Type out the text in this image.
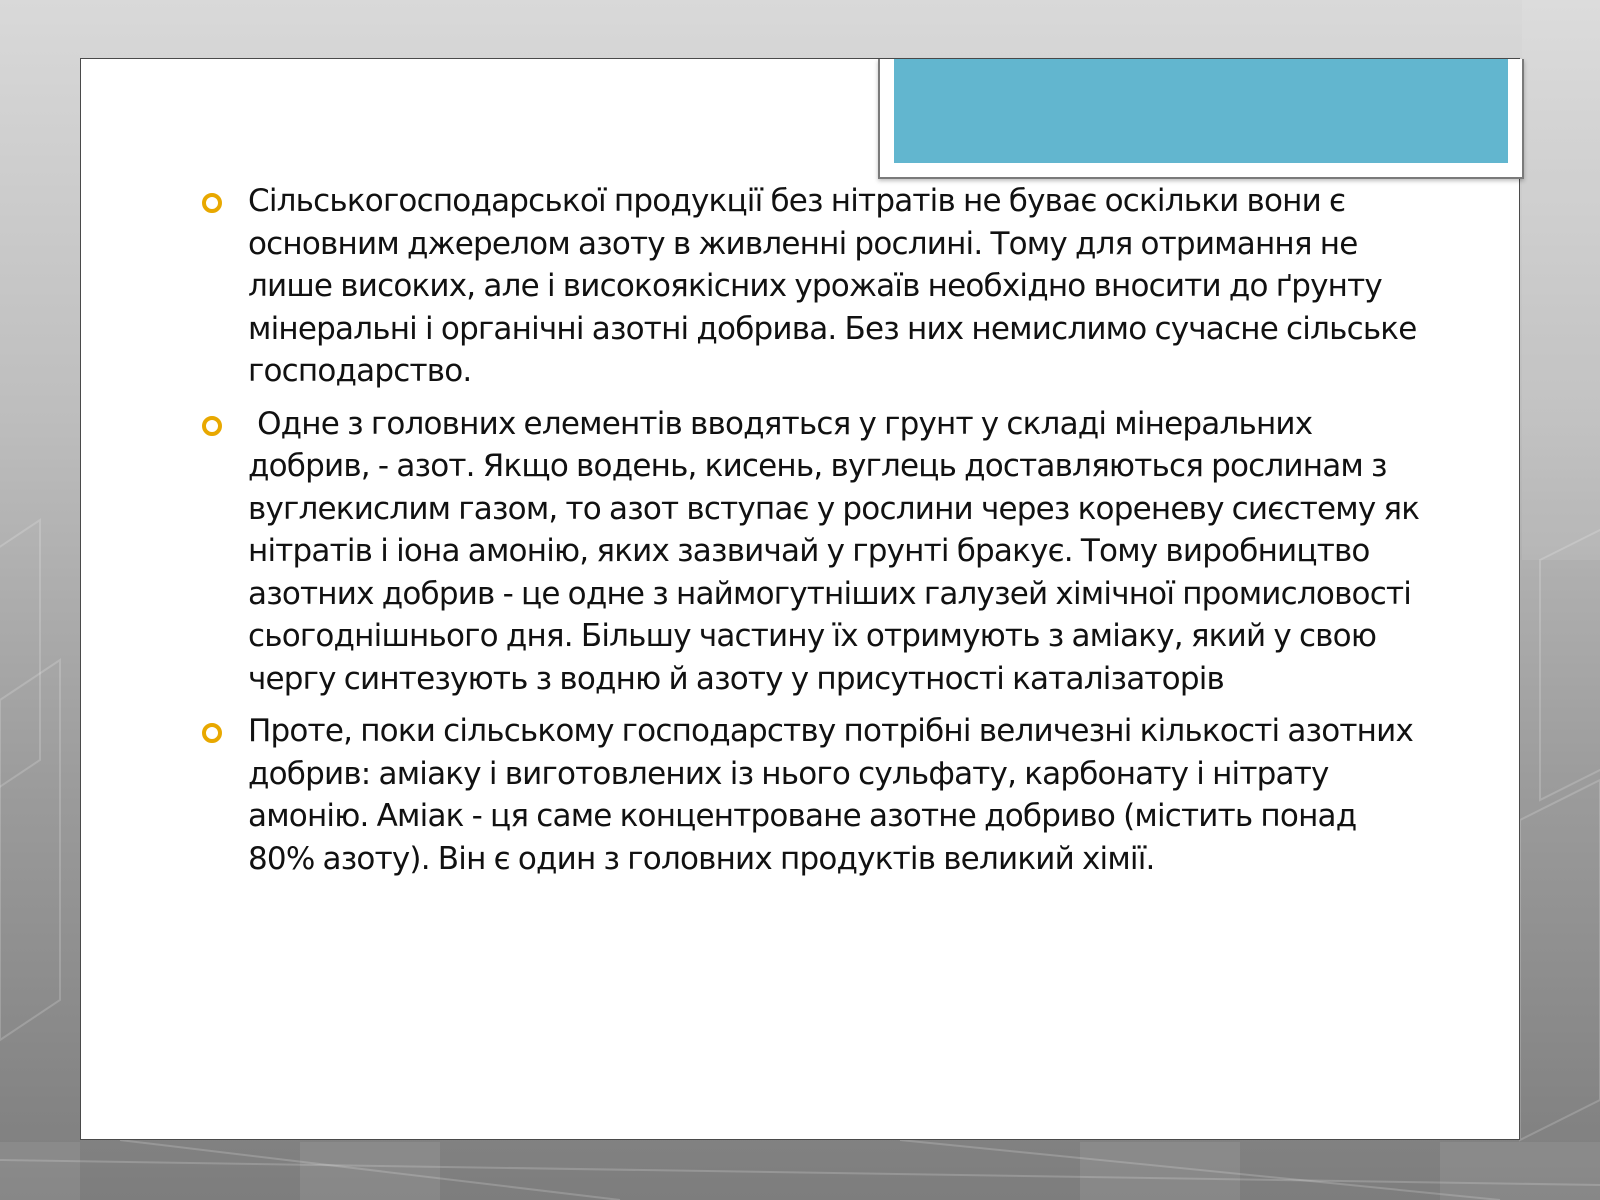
Сільськогосподарської продукції без нітратів не буває оскільки вони є основним джерелом азоту в живленні рослині. Тому для отримання не лише високих, але і високоякісних урожаїв необхідно вносити до ґрунту мінеральні і органічні азотні добрива. Без них немислимо сучасне сільське господарство.
Одне з головних елементів вводяться у грунт у складі мінеральних добрив, - азот. Якщо водень, кисень, вуглець доставляються рослинам з  вуглекислим газом, то азот вступає у рослини через кореневу сиєстему як нітратів і іона амонію, яких зазвичай у грунті бракує. Тому виробництво азотних добрив - це одне з наймогутніших галузей хімічної промисловості сьогоднішнього дня. Більшу частину їх отримують з аміаку, який у свою чергу синтезують з водню й азоту у присутності каталізаторів
Проте, поки сільському господарству потрібні величезні кількості азотних добрив: аміаку і виготовлених із нього сульфату, карбонату і нітрату амонію. Аміак - ця саме концентроване азотне добриво (містить понад 80% азоту). Він є один з головних продуктів великий хімії.
